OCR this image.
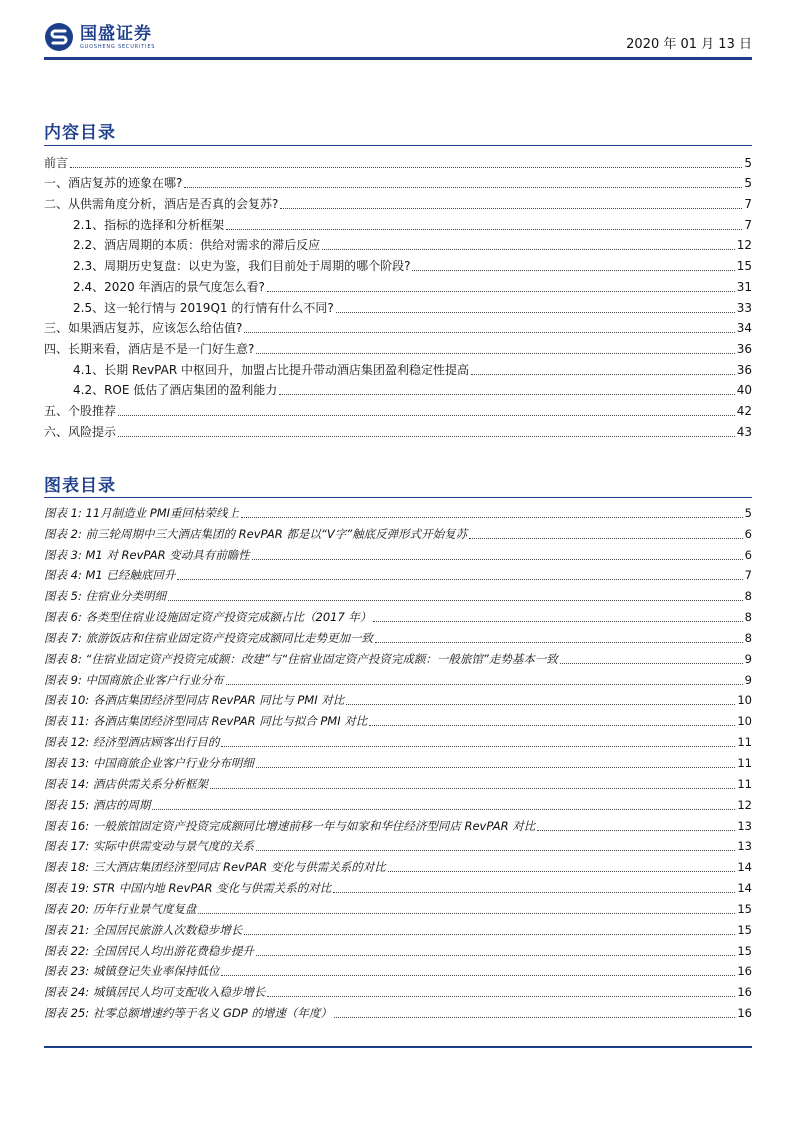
国盛证券
GUOSHENG SECURITIES	2020 年 01 月 13 日
内容目录
前言	5
一、酒店复苏的迹象在哪?	5
二、从供需角度分析，酒店是否真的会复苏?	7
2.1、指标的选择和分析框架	7
2.2、酒店周期的本质：供给对需求的滞后反应	12
2.3、周期历史复盘：以史为鉴，我们目前处于周期的哪个阶段?	15
2.4、2020 年酒店的景气度怎么看?	31
2.5、这一轮行情与 2019Q1 的行情有什么不同?	33
三、如果酒店复苏，应该怎么给估值?	34
四、长期来看，酒店是不是一门好生意?	36
4.1、长期 RevPAR 中枢回升，加盟占比提升带动酒店集团盈利稳定性提高	36
4.2、ROE 低估了酒店集团的盈利能力	40
五、个股推荐	42
六、风险提示	43
图表目录
图表 1: 11月制造业 PMI重回枯荣线上	5
图表 2: 前三轮周期中三大酒店集团的 RevPAR 都是以“V字”触底反弹形式开始复苏	6
图表 3: M1 对 RevPAR 变动具有前瞻性	6
图表 4: M1 已经触底回升	7
图表 5: 住宿业分类明细	8
图表 6: 各类型住宿业设施固定资产投资完成额占比（2017 年）	8
图表 7: 旅游饭店和住宿业固定资产投资完成额同比走势更加一致	8
图表 8: “住宿业固定资产投资完成额：改建”与“住宿业固定资产投资完成额：一般旅馆”走势基本一致	9
图表 9: 中国商旅企业客户行业分布	9
图表 10: 各酒店集团经济型同店 RevPAR 同比与 PMI 对比	10
图表 11: 各酒店集团经济型同店 RevPAR 同比与拟合 PMI 对比	10
图表 12: 经济型酒店顾客出行目的	11
图表 13: 中国商旅企业客户行业分布明细	11
图表 14: 酒店供需关系分析框架	11
图表 15: 酒店的周期	12
图表 16: 一般旅馆固定资产投资完成额同比增速前移一年与如家和华住经济型同店 RevPAR 对比	13
图表 17: 实际中供需变动与景气度的关系	13
图表 18: 三大酒店集团经济型同店 RevPAR 变化与供需关系的对比	14
图表 19: STR 中国内地 RevPAR 变化与供需关系的对比	14
图表 20: 历年行业景气度复盘	15
图表 21: 全国居民旅游人次数稳步增长	15
图表 22: 全国居民人均出游花费稳步提升	15
图表 23: 城镇登记失业率保持低位	16
图表 24: 城镇居民人均可支配收入稳步增长	16
图表 25: 社零总额增速约等于名义 GDP 的增速（年度）	16
